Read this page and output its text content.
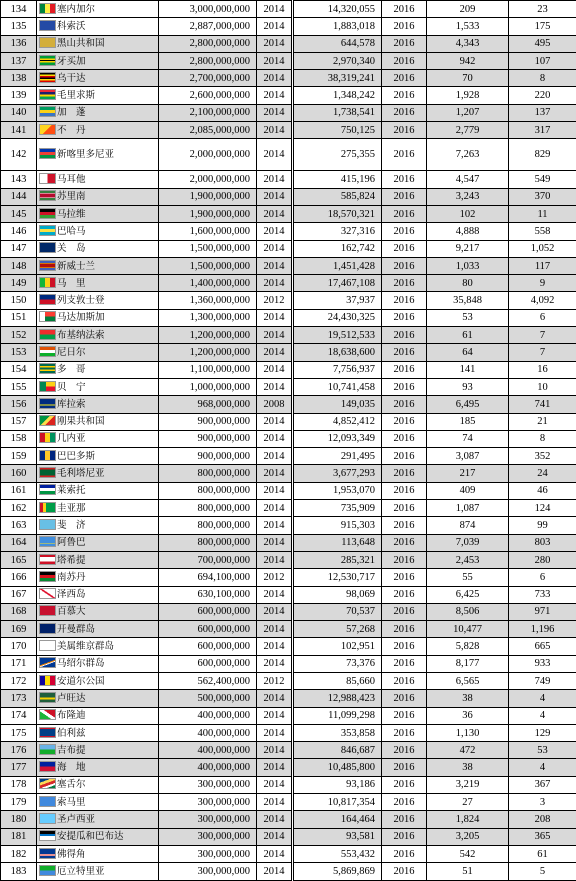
134	塞内加尔	3,000,000,000	2014	14,320,055	2016	209	23
135	科索沃	2,887,000,000	2014	1,883,018	2016	1,533	175
136	黑山共和国	2,800,000,000	2014	644,578	2016	4,343	495
137	牙买加	2,800,000,000	2014	2,970,340	2016	942	107
138	乌干达	2,700,000,000	2014	38,319,241	2016	70	8
139	毛里求斯	2,600,000,000	2014	1,348,242	2016	1,928	220
140	加　蓬	2,100,000,000	2014	1,738,541	2016	1,207	137
141	不　丹	2,085,000,000	2014	750,125	2016	2,779	317
142	新喀里多尼亚	2,000,000,000	2014	275,355	2016	7,263	829
143	马耳他	2,000,000,000	2014	415,196	2016	4,547	549
144	苏里南	1,900,000,000	2014	585,824	2016	3,243	370
145	马拉维	1,900,000,000	2014	18,570,321	2016	102	11
146	巴哈马	1,600,000,000	2014	327,316	2016	4,888	558
147	关　岛	1,500,000,000	2014	162,742	2016	9,217	1,052
148	新威士兰	1,500,000,000	2014	1,451,428	2016	1,033	117
149	马　里	1,400,000,000	2014	17,467,108	2016	80	9
150	列支敦士登	1,360,000,000	2012	37,937	2016	35,848	4,092
151	马达加斯加	1,300,000,000	2014	24,430,325	2016	53	6
152	布基纳法索	1,200,000,000	2014	19,512,533	2016	61	7
153	尼日尔	1,200,000,000	2014	18,638,600	2016	64	7
154	多　哥	1,100,000,000	2014	7,756,937	2016	141	16
155	贝　宁	1,000,000,000	2014	10,741,458	2016	93	10
156	库拉索	968,000,000	2008	149,035	2016	6,495	741
157	刚果共和国	900,000,000	2014	4,852,412	2016	185	21
158	几内亚	900,000,000	2014	12,093,349	2016	74	8
159	巴巴多斯	900,000,000	2014	291,495	2016	3,087	352
160	毛利塔尼亚	800,000,000	2014	3,677,293	2016	217	24
161	莱索托	800,000,000	2014	1,953,070	2016	409	46
162	圭亚那	800,000,000	2014	735,909	2016	1,087	124
163	斐　济	800,000,000	2014	915,303	2016	874	99
164	阿鲁巴	800,000,000	2014	113,648	2016	7,039	803
165	塔希提	700,000,000	2014	285,321	2016	2,453	280
166	南苏丹	694,100,000	2012	12,530,717	2016	55	6
167	泽西岛	630,100,000	2014	98,069	2016	6,425	733
168	百慕大	600,000,000	2014	70,537	2016	8,506	971
169	开曼群岛	600,000,000	2014	57,268	2016	10,477	1,196
170	美属维京群岛	600,000,000	2014	102,951	2016	5,828	665
171	马绍尔群岛	600,000,000	2014	73,376	2016	8,177	933
172	安道尔公国	562,400,000	2012	85,660	2016	6,565	749
173	卢旺达	500,000,000	2014	12,988,423	2016	38	4
174	布隆迪	400,000,000	2014	11,099,298	2016	36	4
175	伯利兹	400,000,000	2014	353,858	2016	1,130	129
176	吉布提	400,000,000	2014	846,687	2016	472	53
177	海　地	400,000,000	2014	10,485,800	2016	38	4
178	塞舌尔	300,000,000	2014	93,186	2016	3,219	367
179	索马里	300,000,000	2014	10,817,354	2016	27	3
180	圣卢西亚	300,000,000	2014	164,464	2016	1,824	208
181	安提瓜和巴布达	300,000,000	2014	93,581	2016	3,205	365
182	佛得角	300,000,000	2014	553,432	2016	542	61
183	厄立特里亚	300,000,000	2014	5,869,869	2016	51	5
